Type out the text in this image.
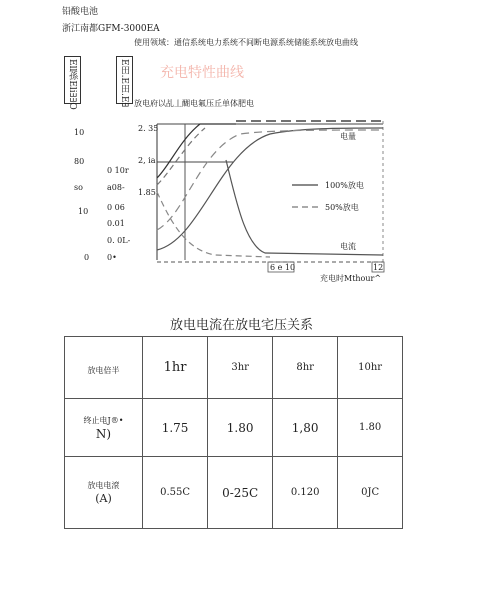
铅酸电池
浙江南都GFM-3000EA
使用领域：通信系统电力系统不间断电源系统储能系统放电曲线
Ell孫Eli∃∃O	E田.E田.E∃ 充电特性曲线
放电府以乩丄醐电氟压丘单体肥电
10
80
so
10
0
0 10r
a08-
0 06
0.01
0. 0L-
0•
2. 35
2, ia
1.85
电量
100%放电
50%放电
电流
6 e 10	12
充电时Mthour^
放电电流在放电宅压关系
放电倍半	1hr	3hr	8hr	10hr

终止电J®•
N)	1.75	1.80	1,80	1.80

放电电滾
(A)	0.55C	0-25C	0.120	0JC
